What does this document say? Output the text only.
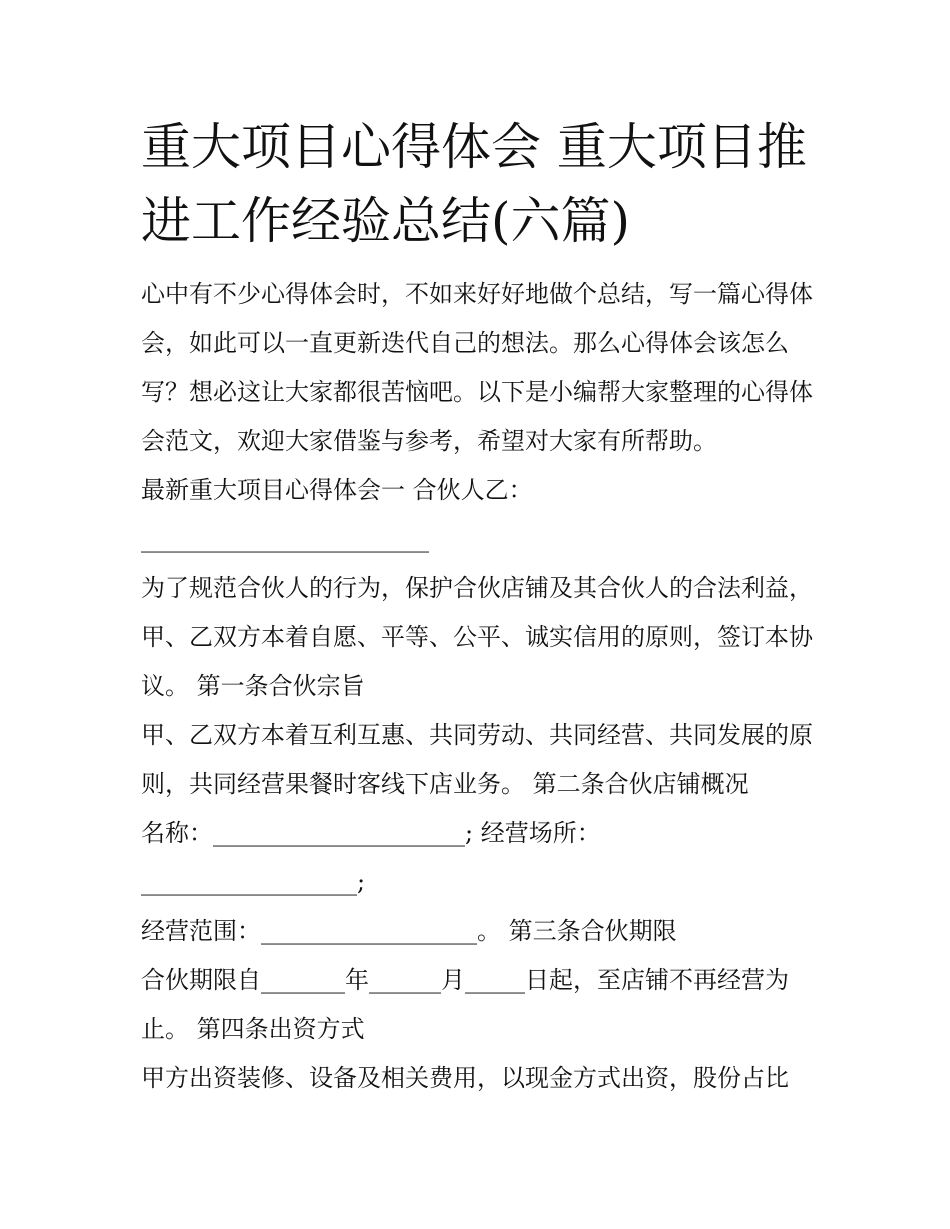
重大项目心得体会 重大项目推进工作经验总结(六篇)

心中有不少心得体会时，不如来好好地做个总结，写一篇心得体会，如此可以一直更新迭代自己的想法。那么心得体会该怎么写？想必这让大家都很苦恼吧。以下是小编帮大家整理的心得体会范文，欢迎大家借鉴与参考，希望对大家有所帮助。

最新重大项目心得体会一 合伙人乙：

________________________

为了规范合伙人的行为，保护合伙店铺及其合伙人的合法利益，甲、乙双方本着自愿、平等、公平、诚实信用的原则，签订本协议。 第一条合伙宗旨

甲、乙双方本着互利互惠、共同劳动、共同经营、共同发展的原则，共同经营果餐时客线下店业务。 第二条合伙店铺概况

名称：_____________________; 经营场所：__________________;

经营范围：__________________。 第三条合伙期限

合伙期限自_______年______月_____日起，至店铺不再经营为止。 第四条出资方式

甲方出资装修、设备及相关费用，以现金方式出资，股份占比
